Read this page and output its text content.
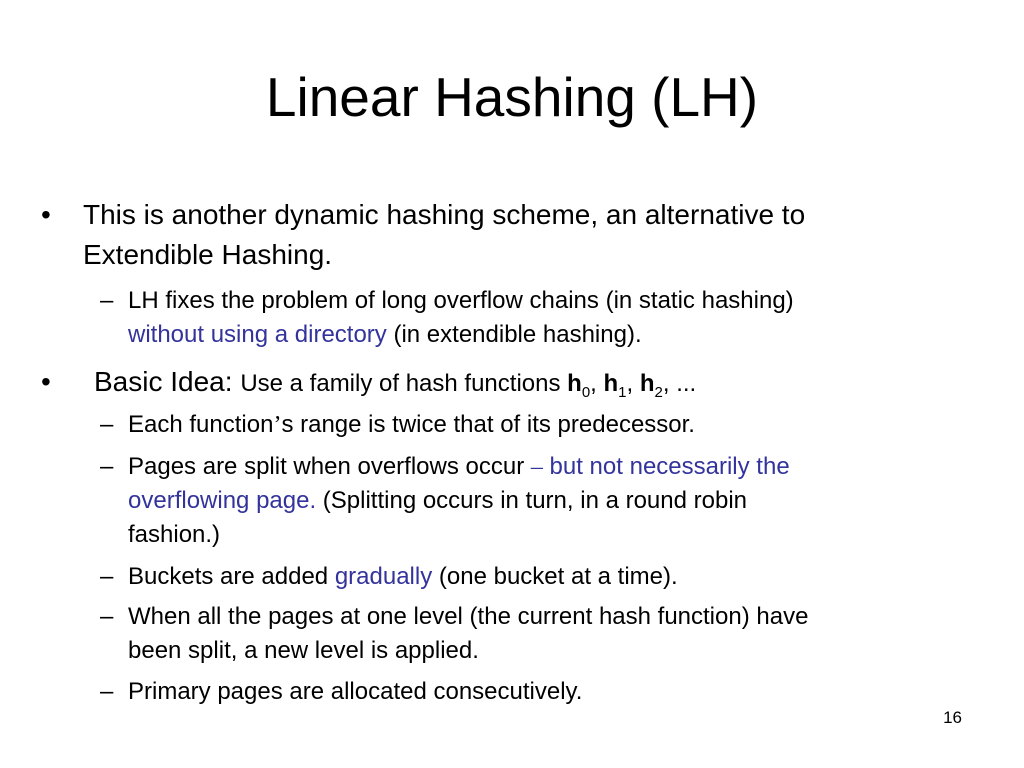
Linear Hashing (LH)
• This is another dynamic hashing scheme, an alternative to
Extendible Hashing.
– LH fixes the problem of long overflow chains (in static hashing)
without using a directory (in extendible hashing).
• Basic Idea: Use a family of hash functions $h_0$, $h_1$, $h_2$, ...
– Each function’s range is twice that of its predecessor.
– Pages are split when overflows occur – but not necessarily the
overflowing page. (Splitting occurs in turn, in a round robin
fashion.)
– Buckets are added gradually (one bucket at a time).
– When all the pages at one level (the current hash function) have
been split, a new level is applied.
– Primary pages are allocated consecutively.
16
